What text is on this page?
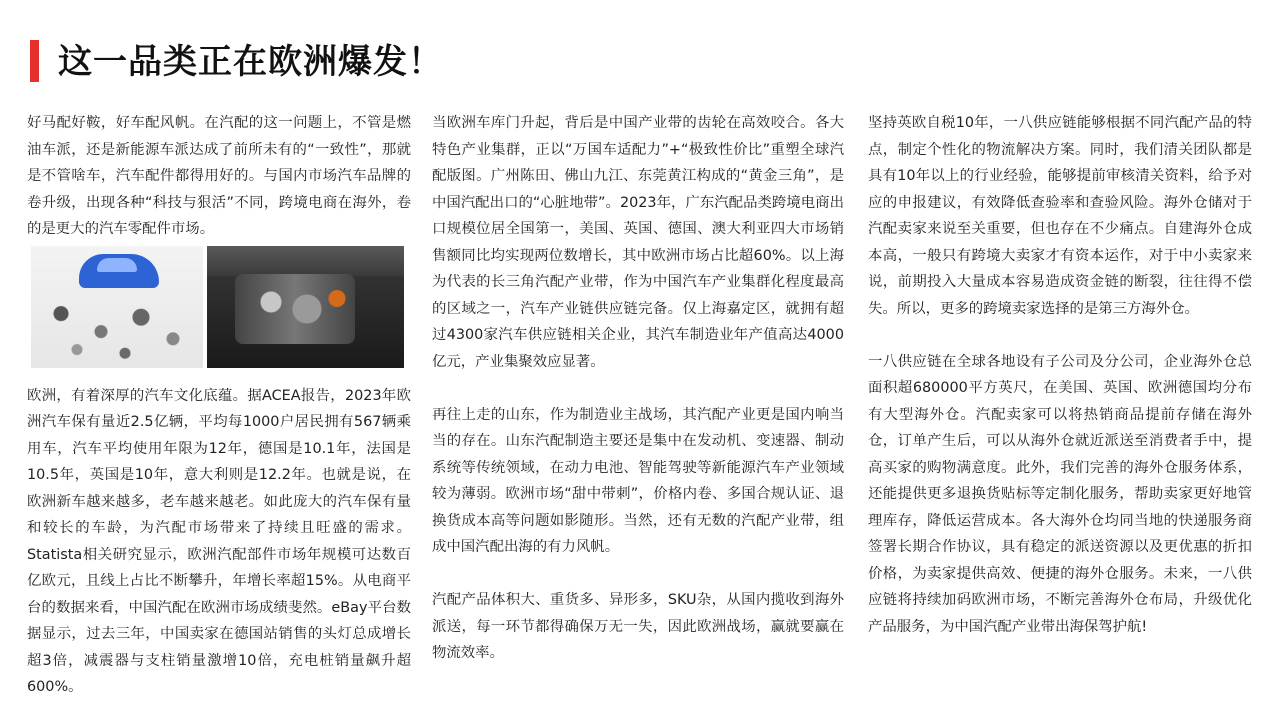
这一品类正在欧洲爆发！

好马配好鞍，好车配风帆。在汽配的这一问题上，不管是燃油车派，还是新能源车派达成了前所未有的“一致性”，那就是不管啥车，汽车配件都得用好的。与国内市场汽车品牌的卷升级，出现各种“科技与狠活”不同，跨境电商在海外，卷的是更大的汽车零配件市场。

欧洲，有着深厚的汽车文化底蕴。据ACEA报告，2023年欧洲汽车保有量近2.5亿辆，平均每1000户居民拥有567辆乘用车，汽车平均使用年限为12年，德国是10.1年，法国是10.5年，英国是10年，意大利则是12.2年。也就是说，在欧洲新车越来越多，老车越来越老。如此庞大的汽车保有量和较长的车龄，为汽配市场带来了持续且旺盛的需求。Statista相关研究显示，欧洲汽配部件市场年规模可达数百亿欧元，且线上占比不断攀升，年增长率超15%。从电商平台的数据来看，中国汽配在欧洲市场成绩斐然。eBay平台数据显示，过去三年，中国卖家在德国站销售的头灯总成增长超3倍，减震器与支柱销量激增10倍，充电桩销量飙升超600%。

当欧洲车库门升起，背后是中国产业带的齿轮在高效咬合。各大特色产业集群，正以“万国车适配力”+“极致性价比”重塑全球汽配版图。广州陈田、佛山九江、东莞黄江构成的“黄金三角”，是中国汽配出口的“心脏地带”。2023年，广东汽配品类跨境电商出口规模位居全国第一，美国、英国、德国、澳大利亚四大市场销售额同比均实现两位数增长，其中欧洲市场占比超60%。以上海为代表的长三角汽配产业带，作为中国汽车产业集群化程度最高的区域之一，汽车产业链供应链完备。仅上海嘉定区，就拥有超过4300家汽车供应链相关企业，其汽车制造业年产值高达4000亿元，产业集聚效应显著。

再往上走的山东，作为制造业主战场，其汽配产业更是国内响当当的存在。山东汽配制造主要还是集中在发动机、变速器、制动系统等传统领域，在动力电池、智能驾驶等新能源汽车产业领域较为薄弱。欧洲市场“甜中带刺”，价格内卷、多国合规认证、退换货成本高等问题如影随形。当然，还有无数的汽配产业带，组成中国汽配出海的有力风帆。

汽配产品体积大、重货多、异形多，SKU杂，从国内揽收到海外派送，每一环节都得确保万无一失，因此欧洲战场，赢就要赢在物流效率。

坚持英欧自税10年，一八供应链能够根据不同汽配产品的特点，制定个性化的物流解决方案。同时，我们清关团队都是具有10年以上的行业经验，能够提前审核清关资料，给予对应的申报建议，有效降低查验率和查验风险。海外仓储对于汽配卖家来说至关重要，但也存在不少痛点。自建海外仓成本高，一般只有跨境大卖家才有资本运作，对于中小卖家来说，前期投入大量成本容易造成资金链的断裂，往往得不偿失。所以，更多的跨境卖家选择的是第三方海外仓。

一八供应链在全球各地设有子公司及分公司，企业海外仓总面积超680000平方英尺，在美国、英国、欧洲德国均分布有大型海外仓。汽配卖家可以将热销商品提前存储在海外仓，订单产生后，可以从海外仓就近派送至消费者手中，提高买家的购物满意度。此外，我们完善的海外仓服务体系，还能提供更多退换货贴标等定制化服务，帮助卖家更好地管理库存，降低运营成本。各大海外仓均同当地的快递服务商签署长期合作协议，具有稳定的派送资源以及更优惠的折扣价格，为卖家提供高效、便捷的海外仓服务。未来，一八供应链将持续加码欧洲市场，不断完善海外仓布局，升级优化产品服务，为中国汽配产业带出海保驾护航!
